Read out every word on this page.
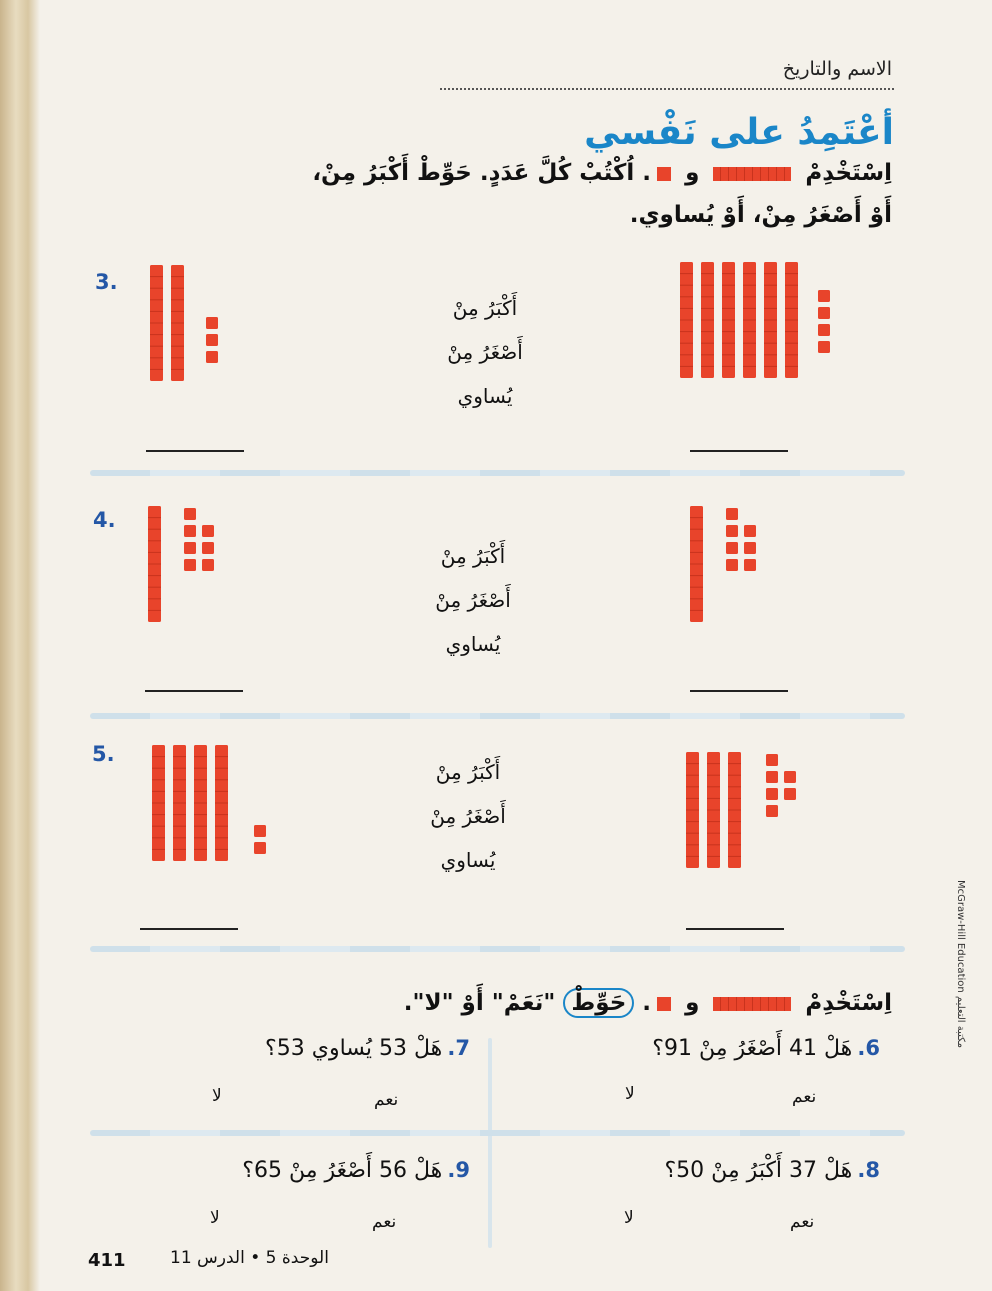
الاسم والتاريخ
أعْتَمِدُ على نَفْسي
اِسْتَخْدِمْ  و . اُكْتُبْ كُلَّ عَدَدٍ. حَوِّطْ أَكْبَرُ مِنْ،
أَوْ أَصْغَرُ مِنْ، أَوْ يُساوي.
3.
أَكْبَرُ مِنْ
أَصْغَرُ مِنْ
يُساوي
4.
أَكْبَرُ مِنْ
أَصْغَرُ مِنْ
يُساوي
5.
أَكْبَرُ مِنْ
أَصْغَرُ مِنْ
يُساوي
اِسْتَخْدِمْ  و . حَوِّطْ "نَعَمْ" أَوْ "لا".
6. هَلْ 41 أَصْغَرُ مِنْ 91؟
نعم
لا
7. هَلْ 53 يُساوي 53؟
نعم
لا
8. هَلْ 37 أَكْبَرُ مِنْ 50؟
نعم
لا
9. هَلْ 56 أَصْغَرُ مِنْ 65؟
نعم
لا
411	الوحدة 5 • الدرس 11
McGraw-Hill Education مكتبة التعليم
